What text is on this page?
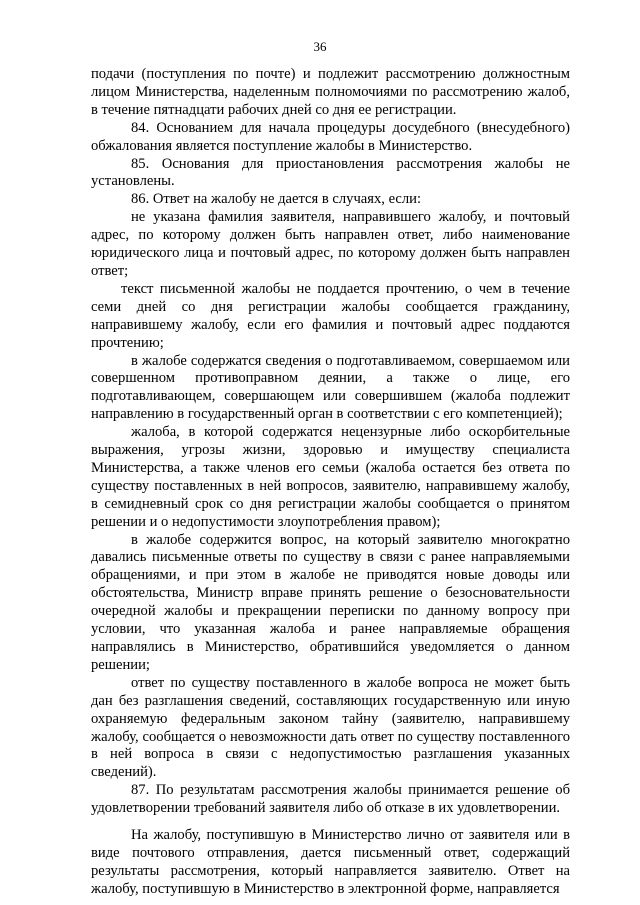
36

подачи (поступления по почте) и подлежит рассмотрению должностным лицом Министерства, наделенным полномочиями по рассмотрению жалоб, в течение пятнадцати рабочих дней со дня ее регистрации.

84. Основанием для начала процедуры досудебного (внесудебного) обжалования является поступление жалобы в Министерство.

85. Основания для приостановления рассмотрения жалобы не установлены.

86. Ответ на жалобу не дается в случаях, если:

не указана фамилия заявителя, направившего жалобу, и почтовый адрес, по которому должен быть направлен ответ, либо наименование юридического лица и почтовый адрес, по которому должен быть направлен ответ;

текст письменной жалобы не поддается прочтению, о чем в течение семи дней со дня регистрации жалобы сообщается гражданину, направившему жалобу, если его фамилия и почтовый адрес поддаются прочтению;

в жалобе содержатся сведения о подготавливаемом, совершаемом или совершенном противоправном деянии, а также о лице, его подготавливающем, совершающем или совершившем (жалоба подлежит направлению в государственный орган в соответствии с его компетенцией);

жалоба, в которой содержатся нецензурные либо оскорбительные выражения, угрозы жизни, здоровью и имуществу специалиста Министерства, а также членов его семьи (жалоба остается без ответа по существу поставленных в ней вопросов, заявителю, направившему жалобу, в семидневный срок со дня регистрации жалобы сообщается о принятом решении и о недопустимости злоупотребления правом);

в жалобе содержится вопрос, на который заявителю многократно давались письменные ответы по существу в связи с ранее направляемыми обращениями, и при этом в жалобе не приводятся новые доводы или обстоятельства, Министр вправе принять решение о безосновательности очередной жалобы и прекращении переписки по данному вопросу при условии, что указанная жалоба и ранее направляемые обращения направлялись в Министерство, обратившийся уведомляется о данном решении;

ответ по существу поставленного в жалобе вопроса не может быть дан без разглашения сведений, составляющих государственную или иную охраняемую федеральным законом тайну (заявителю, направившему жалобу, сообщается о невозможности дать ответ по существу поставленного в ней вопроса в связи с недопустимостью разглашения указанных сведений).

87. По результатам рассмотрения жалобы принимается решение об удовлетворении требований заявителя либо об отказе в их удовлетворении.

На жалобу, поступившую в Министерство лично от заявителя или в виде почтового отправления, дается письменный ответ, содержащий результаты рассмотрения, который направляется заявителю. Ответ на жалобу, поступившую в Министерство в электронной форме, направляется
